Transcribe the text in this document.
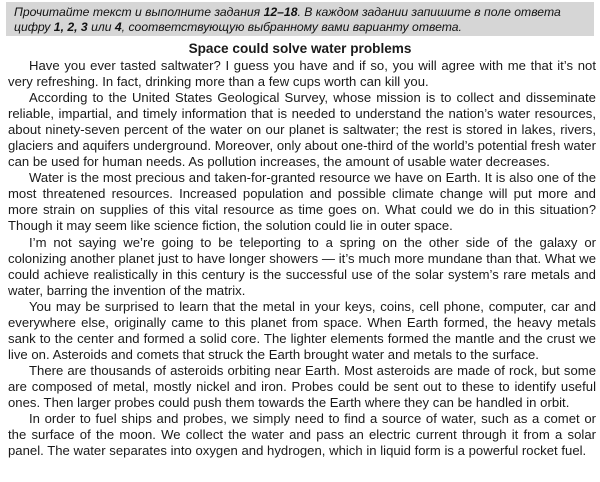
Прочитайте текст и выполните задания 12–18. В каждом задании запишите в поле ответа цифру 1, 2, 3 или 4, соответствующую выбранному вами варианту ответа.
Space could solve water problems

Have you ever tasted saltwater? I guess you have and if so, you will agree with me that it’s not very refreshing. In fact, drinking more than a few cups worth can kill you.

According to the United States Geological Survey, whose mission is to collect and disseminate reliable, impartial, and timely information that is needed to understand the nation’s water resources, about ninety-seven percent of the water on our planet is saltwater; the rest is stored in lakes, rivers, glaciers and aquifers underground. Moreover, only about one-third of the world’s potential fresh water can be used for human needs. As pollution increases, the amount of usable water decreases.

Water is the most precious and taken-for-granted resource we have on Earth. It is also one of the most threatened resources. Increased population and possible climate change will put more and more strain on supplies of this vital resource as time goes on. What could we do in this situation? Though it may seem like science fiction, the solution could lie in outer space.

I’m not saying we’re going to be teleporting to a spring on the other side of the galaxy or colonizing another planet just to have longer showers — it’s much more mundane than that. What we could achieve realistically in this century is the successful use of the solar system’s rare metals and water, barring the invention of the matrix.

You may be surprised to learn that the metal in your keys, coins, cell phone, computer, car and everywhere else, originally came to this planet from space. When Earth formed, the heavy metals sank to the center and formed a solid core. The lighter elements formed the mantle and the crust we live on. Asteroids and comets that struck the Earth brought water and metals to the surface.

There are thousands of asteroids orbiting near Earth. Most asteroids are made of rock, but some are composed of metal, mostly nickel and iron. Probes could be sent out to these to identify useful ones. Then larger probes could push them towards the Earth where they can be handled in orbit.

In order to fuel ships and probes, we simply need to find a source of water, such as a comet or the surface of the moon. We collect the water and pass an electric current through it from a solar panel. The water separates into oxygen and hydrogen, which in liquid form is a powerful rocket fuel.
